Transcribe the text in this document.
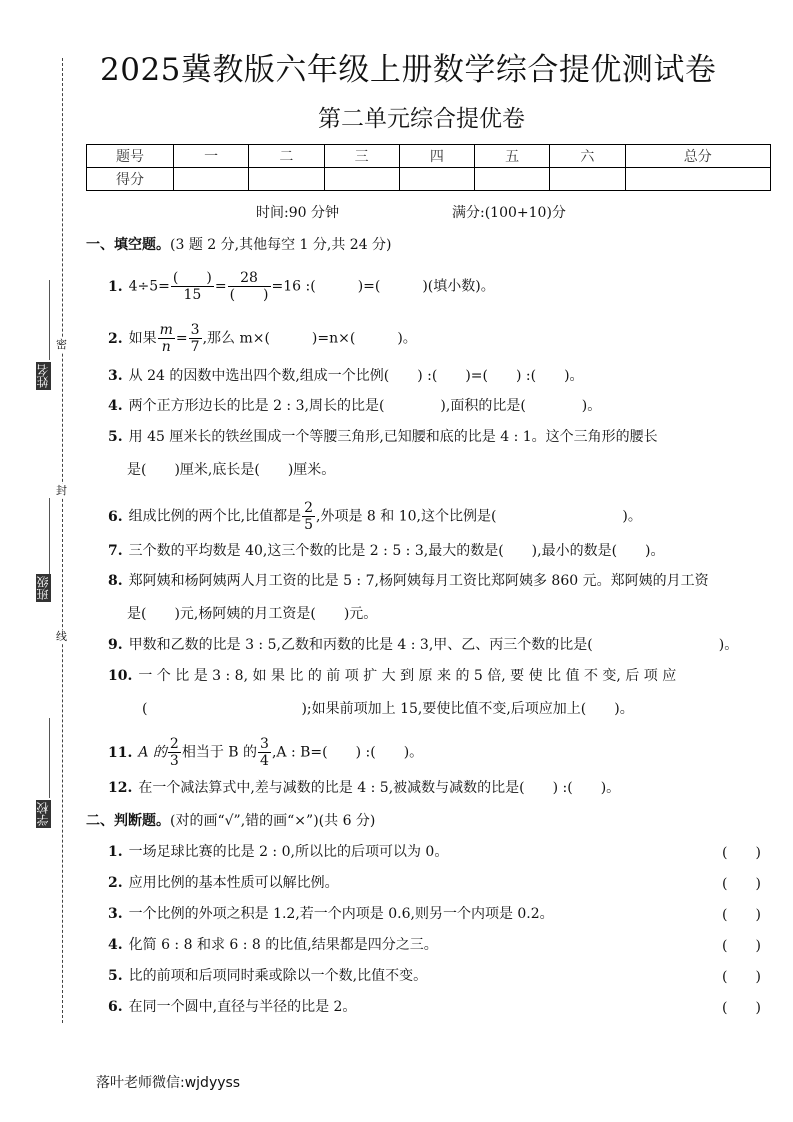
密
封
线
姓名
班级
学校
2025冀教版六年级上册数学综合提优测试卷
第二单元综合提优卷
题号	一	二	三	四	五	六	总分
得分							
时间:90 分钟	满分:(100+10)分
一、填空题。(3 题 2 分,其他每空 1 分,共 24 分)
1. $4\div 5= \frac{( )}{15} = \frac{28}{( )} =16$ :(　　　)=(　　　)(填小数)。
2. 如果 $\frac{m}{n} = \frac{3}{7}$ ,那么 m×(　　　)=n×(　　　)。
3. 从 24 的因数中选出四个数,组成一个比例(　　) :(　　)=(　　) :(　　)。
4. 两个正方形边长的比是 2 : 3,周长的比是(　　　　),面积的比是(　　　　)。
5. 用 45 厘米长的铁丝围成一个等腰三角形,已知腰和底的比是 4 : 1。这个三角形的腰长
是(　　)厘米,底长是(　　)厘米。
6. 组成比例的两个比,比值都是 $\frac{2}{5}$ ,外项是 8 和 10,这个比例是(　　　　　　　　　)。
7. 三个数的平均数是 40,这三个数的比是 2 : 5 : 3,最大的数是(　　),最小的数是(　　)。
8. 郑阿姨和杨阿姨两人月工资的比是 5 : 7,杨阿姨每月工资比郑阿姨多 860 元。郑阿姨的月工资
是(　　)元,杨阿姨的月工资是(　　)元。
9. 甲数和乙数的比是 3 : 5,乙数和丙数的比是 4 : 3,甲、乙、丙三个数的比是(　　　　　　　　　)。
10. 一 个 比 是 3 : 8, 如 果 比 的 前 项 扩 大 到 原 来 的 5 倍, 要 使 比 值 不 变, 后 项 应
(　　　　　　　　　　　);如果前项加上 15,要使比值不变,后项应加上(　　)。
11. A 的 $\frac{2}{3}$ 相当于 B 的 $\frac{3}{4} ,A$ : B=(　　) :(　　)。
12. 在一个减法算式中,差与减数的比是 4 : 5,被减数与减数的比是(　　) :(　　)。
二、判断题。(对的画“√”,错的画“×”)(共 6 分)
1. 一场足球比赛的比是 2 : 0,所以比的后项可以为 0。	(　　)
2. 应用比例的基本性质可以解比例。	(　　)
3. 一个比例的外项之积是 1.2,若一个内项是 0.6,则另一个内项是 0.2。	(　　)
4. 化简 6 : 8 和求 6 : 8 的比值,结果都是四分之三。	(　　)
5. 比的前项和后项同时乘或除以一个数,比值不变。	(　　)
6. 在同一个圆中,直径与半径的比是 2。	(　　)
落叶老师微信:wjdyyss
